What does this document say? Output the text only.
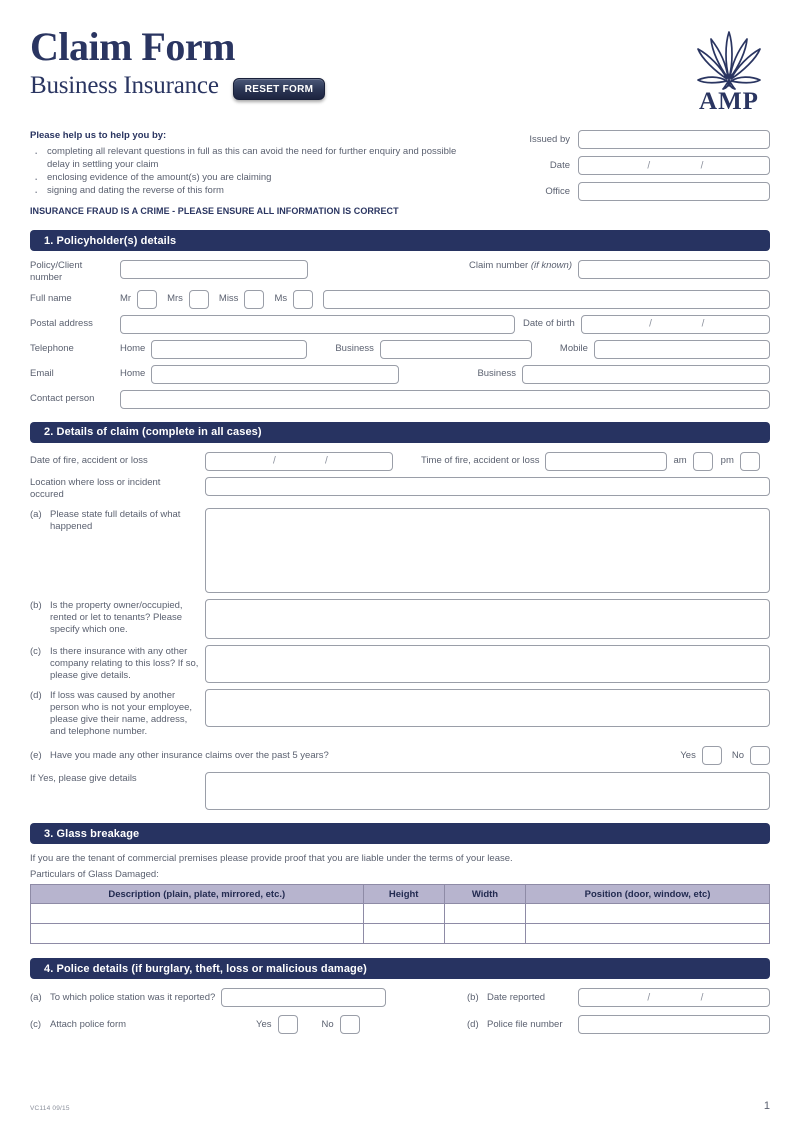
Claim Form
Business Insurance	RESET FORM	AMP
Please help us to help you by:
· completing all relevant questions in full as this can avoid the need for further enquiry and possible delay in settling your claim
· enclosing evidence of the amount(s) you are claiming
· signing and dating the reverse of this form
INSURANCE FRAUD IS A CRIME - PLEASE ENSURE ALL INFORMATION IS CORRECT
Issued by
Date	/	/
Office
1. Policyholder(s) details
Policy/Client
number
Claim number (if known)
Full name	Mr	Mrs	Miss	Ms
Postal address	Date of birth	/	/
Telephone	Home	Business	Mobile
Email	Home	Business
Contact person
2. Details of claim (complete in all cases)
Date of fire, accident or loss	/	/	Time of fire, accident or loss	am	pm
Location where loss or incident
occured
(a) Please state full details of what happened
(b) Is the property owner/occupied, rented or let to tenants? Please specify which one.
(c) Is there insurance with any other company relating to this loss? If so, please give details.
(d) If loss was caused by another person who is not your employee, please give their name, address, and telephone number.
(e) Have you made any other insurance claims over the past 5 years?	Yes	No
If Yes, please give details
3. Glass breakage
If you are the tenant of commercial premises please provide proof that you are liable under the terms of your lease.
Particulars of Glass Damaged:
Description (plain, plate, mirrored, etc.)	Height	Width	Position (door, window, etc)

4. Police details (if burglary, theft, loss or malicious damage)
(a) To which police station was it reported?	(b) Date reported	/	/
(c) Attach police form	Yes	No	(d) Police file number
VC114 09/15	1
